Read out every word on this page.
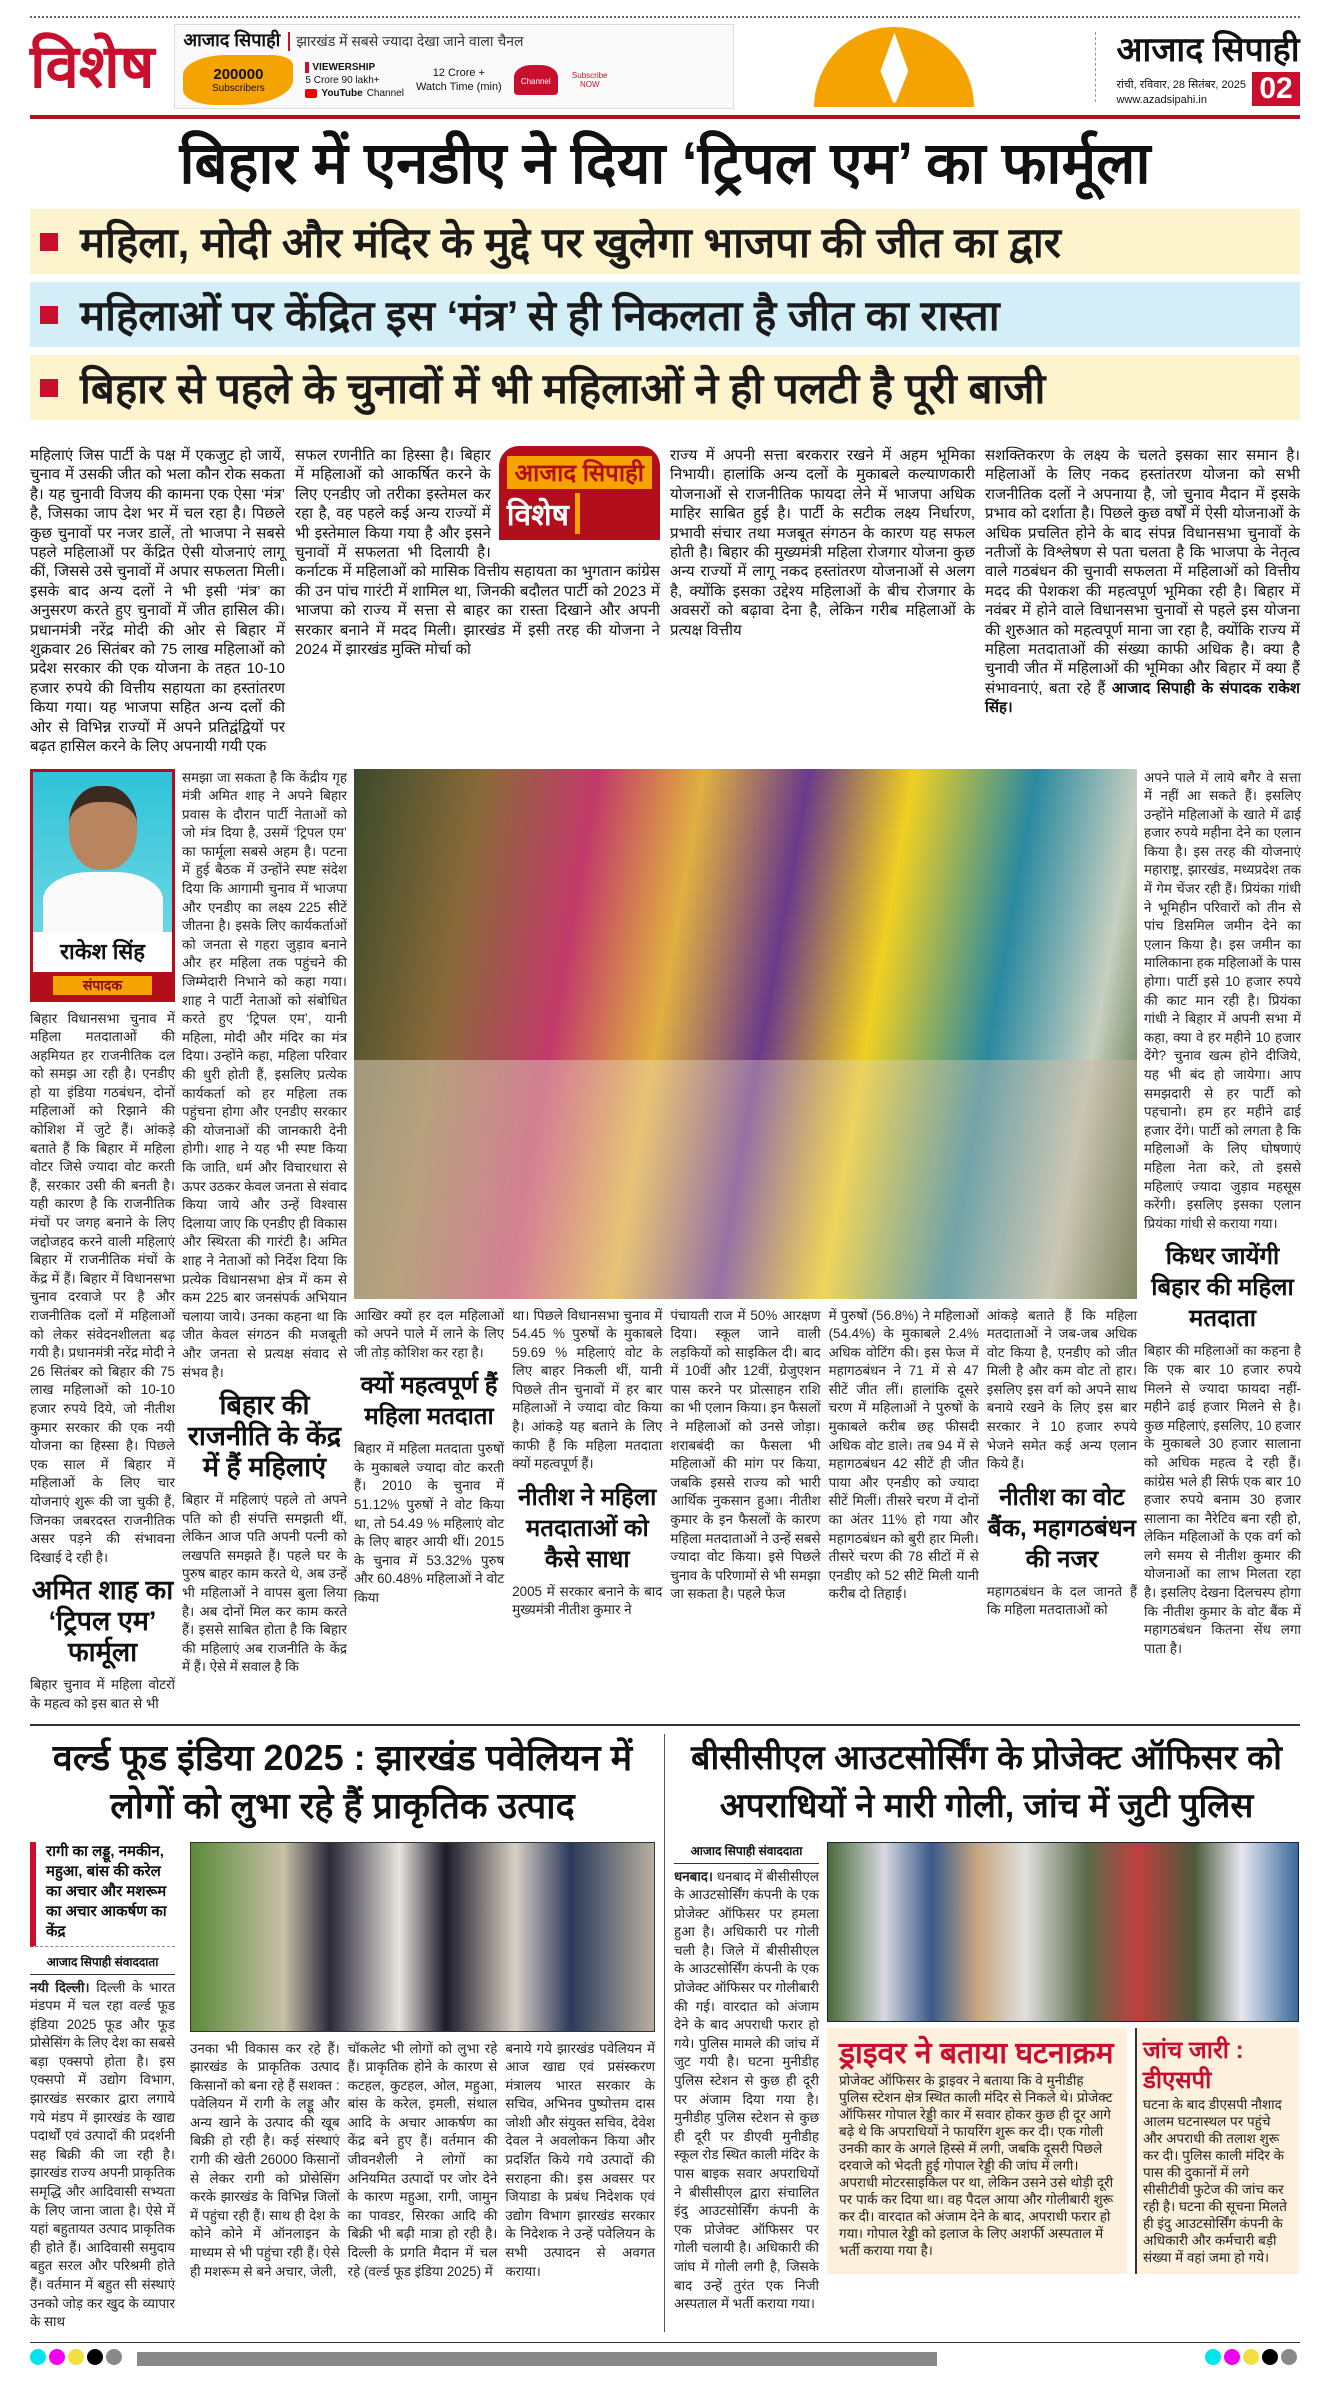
विशेष आजाद सिपाही	झारखंड में सबसे ज्यादा देखा जाने वाला चैनल
200000
Subscribers
VIEWERSHIP
5 Crore 90 lakh+
YouTube Channel
12 Crore +
Watch Time (min)	Channel
Subscribe NOW
आजाद सिपाही
रांची, रविवार, 28 सितंबर, 2025
www.azadsipahi.in	02
बिहार में एनडीए ने दिया ‘ट्रिपल एम’ का फार्मूला
महिला, मोदी और मंदिर के मुद्दे पर खुलेगा भाजपा की जीत का द्वार
महिलाओं पर केंद्रित इस ‘मंत्र’ से ही निकलता है जीत का रास्ता
बिहार से पहले के चुनावों में भी महिलाओं ने ही पलटी है पूरी बाजी

महिलाएं जिस पार्टी के पक्ष में एकजुट हो जायें, चुनाव में उसकी जीत को भला कौन रोक सकता है। यह चुनावी विजय की कामना एक ऐसा ‘मंत्र’ है, जिसका जाप देश भर में चल रहा है। पिछले कुछ चुनावों पर नजर डालें, तो भाजपा ने सबसे पहले महिलाओं पर केंद्रित ऐसी योजनाएं लागू कीं, जिससे उसे चुनावों में अपार सफलता मिली। इसके बाद अन्य दलों ने भी इसी ‘मंत्र’ का अनुसरण करते हुए चुनावों में जीत हासिल की। प्रधानमंत्री नरेंद्र मोदी की ओर से बिहार में शुक्रवार 26 सितंबर को 75 लाख महिलाओं को प्रदेश सरकार की एक योजना के तहत 10-10 हजार रुपये की वित्तीय सहायता का हस्तांतरण किया गया। यह भाजपा सहित अन्य दलों की ओर से विभिन्न राज्यों में अपने प्रतिद्वंद्वियों पर बढ़त हासिल करने के लिए अपनायी गयी एक

आजाद सिपाही
विशेष

सफल रणनीति का हिस्सा है। बिहार में महिलाओं को आकर्षित करने के लिए एनडीए जो तरीका इस्तेमल कर रहा है, वह पहले कई अन्य राज्यों में भी इस्तेमाल किया गया है और इसने चुनावों में सफलता भी दिलायी है। कर्नाटक में महिलाओं को मासिक वित्तीय सहायता का भुगतान कांग्रेस की उन पांच गारंटी में शामिल था, जिनकी बदौलत पार्टी को 2023 में भाजपा को राज्य में सत्ता से बाहर का रास्ता दिखाने और अपनी सरकार बनाने में मदद मिली। झारखंड में इसी तरह की योजना ने 2024 में झारखंड मुक्ति मोर्चा को

राज्य में अपनी सत्ता बरकरार रखने में अहम भूमिका निभायी। हालांकि अन्य दलों के मुकाबले कल्याणकारी योजनाओं से राजनीतिक फायदा लेने में भाजपा अधिक माहिर साबित हुई है। पार्टी के सटीक लक्ष्य निर्धारण, प्रभावी संचार तथा मजबूत संगठन के कारण यह सफल होती है। बिहार की मुख्यमंत्री महिला रोजगार योजना कुछ अन्य राज्यों में लागू नकद हस्तांतरण योजनाओं से अलग है, क्योंकि इसका उद्देश्य महिलाओं के बीच रोजगार के अवसरों को बढ़ावा देना है, लेकिन गरीब महिलाओं के प्रत्यक्ष वित्तीय

सशक्तिकरण के लक्ष्य के चलते इसका सार समान है। महिलाओं के लिए नकद हस्तांतरण योजना को सभी राजनीतिक दलों ने अपनाया है, जो चुनाव मैदान में इसके प्रभाव को दर्शाता है। पिछले कुछ वर्षों में ऐसी योजनाओं के अधिक प्रचलित होने के बाद संपन्न विधानसभा चुनावों के नतीजों के विश्लेषण से पता चलता है कि भाजपा के नेतृत्व वाले गठबंधन की चुनावी सफलता में महिलाओं को वित्तीय मदद की पेशकश की महत्वपूर्ण भूमिका रही है। बिहार में नवंबर में होने वाले विधानसभा चुनावों से पहले इस योजना की शुरुआत को महत्वपूर्ण माना जा रहा है, क्योंकि राज्य में महिला मतदाताओं की संख्या काफी अधिक है। क्या है चुनावी जीत में महिलाओं की भूमिका और बिहार में क्या हैं संभावनाएं, बता रहे हैं आजाद सिपाही के संपादक राकेश सिंह।

राकेश सिंह
संपादक

बिहार विधानसभा चुनाव में महिला मतदाताओं की अहमियत हर राजनीतिक दल को समझ आ रही है। एनडीए हो या इंडिया गठबंधन, दोनों महिलाओं को रिझाने की कोशिश में जुटे हैं। आंकड़े बताते हैं कि बिहार में महिला वोटर जिसे ज्यादा वोट करती हैं, सरकार उसी की बनती है। यही कारण है कि राजनीतिक मंचों पर जगह बनाने के लिए जद्दोजहद करने वाली महिलाएं बिहार में राजनीतिक मंचों के केंद्र में हैं। बिहार में विधानसभा चुनाव दरवाजे पर है और राजनीतिक दलों में महिलाओं को लेकर संवेदनशीलता बढ़ गयी है। प्रधानमंत्री नरेंद्र मोदी ने 26 सितंबर को बिहार की 75 लाख महिलाओं को 10-10 हजार रुपये दिये, जो नीतीश कुमार सरकार की एक नयी योजना का हिस्सा है। पिछले एक साल में बिहार में महिलाओं के लिए चार योजनाएं शुरू की जा चुकी हैं, जिनका जबरदस्त राजनीतिक असर पड़ने की संभावना दिखाई दे रही है।

अमित शाह का ‘ट्रिपल एम’ फार्मूला

बिहार चुनाव में महिला वोटरों के महत्व को इस बात से भी

समझा जा सकता है कि केंद्रीय गृह मंत्री अमित शाह ने अपने बिहार प्रवास के दौरान पार्टी नेताओं को जो मंत्र दिया है, उसमें ‘ट्रिपल एम’ का फार्मूला सबसे अहम है। पटना में हुई बैठक में उन्होंने स्पष्ट संदेश दिया कि आगामी चुनाव में भाजपा और एनडीए का लक्ष्य 225 सीटें जीतना है। इसके लिए कार्यकर्ताओं को जनता से गहरा जुड़ाव बनाने और हर महिला तक पहुंचने की जिम्मेदारी निभाने को कहा गया। शाह ने पार्टी नेताओं को संबोधित करते हुए ‘ट्रिपल एम’, यानी महिला, मोदी और मंदिर का मंत्र दिया। उन्होंने कहा, महिला परिवार की धुरी होती हैं, इसलिए प्रत्येक कार्यकर्ता को हर महिला तक पहुंचना होगा और एनडीए सरकार की योजनाओं की जानकारी देनी होगी। शाह ने यह भी स्पष्ट किया कि जाति, धर्म और विचारधारा से ऊपर उठकर केवल जनता से संवाद किया जाये और उन्हें विश्वास दिलाया जाए कि एनडीए ही विकास और स्थिरता की गारंटी है। अमित शाह ने नेताओं को निर्देश दिया कि प्रत्येक विधानसभा क्षेत्र में कम से कम 225 बार जनसंपर्क अभियान चलाया जाये। उनका कहना था कि जीत केवल संगठन की मजबूती और जनता से प्रत्यक्ष संवाद से संभव है।

बिहार की राजनीति के केंद्र में हैं महिलाएं

बिहार में महिलाएं पहले तो अपने पति को ही संपत्ति समझती थीं, लेकिन आज पति अपनी पत्नी को लखपति समझते हैं। पहले घर के पुरुष बाहर काम करते थे, अब उन्हें भी महिलाओं ने वापस बुला लिया है। अब दोनों मिल कर काम करते हैं। इससे साबित होता है कि बिहार की महिलाएं अब राजनीति के केंद्र में हैं। ऐसे में सवाल है कि

आखिर क्यों हर दल महिलाओं को अपने पाले में लाने के लिए जी तोड़ कोशिश कर रहा है।

क्यों महत्वपूर्ण हैं महिला मतदाता

बिहार में महिला मतदाता पुरुषों के मुकाबले ज्यादा वोट करती हैं। 2010 के चुनाव में 51.12% पुरुषों ने वोट किया था, तो 54.49 % महिलाएं वोट के लिए बाहर आयी थीं। 2015 के चुनाव में 53.32% पुरुष और 60.48% महिलाओं ने वोट किया

था। पिछले विधानसभा चुनाव में 54.45 % पुरुषों के मुकाबले 59.69 % महिलाएं वोट के लिए बाहर निकली थीं, यानी पिछले तीन चुनावों में हर बार महिलाओं ने ज्यादा वोट किया है। आंकड़े यह बताने के लिए काफी हैं कि महिला मतदाता क्यों महत्वपूर्ण हैं।

नीतीश ने महिला मतदाताओं को कैसे साधा

2005 में सरकार बनाने के बाद मुख्यमंत्री नीतीश कुमार ने

पंचायती राज में 50% आरक्षण दिया। स्कूल जाने वाली लड़कियों को साइकिल दी। बाद में 10वीं और 12वीं, ग्रेजुएशन पास करने पर प्रोत्साहन राशि का भी एलान किया। इन फैसलों ने महिलाओं को उनसे जोड़ा। शराबबंदी का फैसला भी महिलाओं की मांग पर किया, जबकि इससे राज्य को भारी आर्थिक नुकसान हुआ। नीतीश कुमार के इन फैसलों के कारण महिला मतदाताओं ने उन्हें सबसे ज्यादा वोट किया। इसे पिछले चुनाव के परिणामों से भी समझा जा सकता है। पहले फेज

में पुरुषों (56.8%) ने महिलाओं (54.4%) के मुकाबले 2.4% अधिक वोटिंग की। इस फेज में महागठबंधन ने 71 में से 47 सीटें जीत लीं। हालांकि दूसरे चरण में महिलाओं ने पुरुषों के मुकाबले करीब छह फीसदी अधिक वोट डाले। तब 94 में से महागठबंधन 42 सीटें ही जीत पाया और एनडीए को ज्यादा सीटें मिलीं। तीसरे चरण में दोनों का अंतर 11% हो गया और महागठबंधन को बुरी हार मिली। तीसरे चरण की 78 सीटों में से एनडीए को 52 सीटें मिली यानी करीब दो तिहाई।

आंकड़े बताते हैं कि महिला मतदाताओं ने जब-जब अधिक वोट किया है, एनडीए को जीत मिली है और कम वोट तो हार। इसलिए इस वर्ग को अपने साथ बनाये रखने के लिए इस बार सरकार ने 10 हजार रुपये भेजने समेत कई अन्य एलान किये हैं।

नीतीश का वोट बैंक, महागठबंधन की नजर

महागठबंधन के दल जानते हैं कि महिला मतदाताओं को

अपने पाले में लाये बगैर वे सत्ता में नहीं आ सकते हैं। इसलिए उन्होंने महिलाओं के खाते में ढाई हजार रुपये महीना देने का एलान किया है। इस तरह की योजनाएं महाराष्ट्र, झारखंड, मध्यप्रदेश तक में गेम चेंजर रही हैं। प्रियंका गांधी ने भूमिहीन परिवारों को तीन से पांच डिसमिल जमीन देने का एलान किया है। इस जमीन का मालिकाना हक महिलाओं के पास होगा। पार्टी इसे 10 हजार रुपये की काट मान रही है। प्रियंका गांधी ने बिहार में अपनी सभा में कहा, क्या वे हर महीने 10 हजार देंगे? चुनाव खत्म होने दीजिये, यह भी बंद हो जायेगा। आप समझदारी से हर पार्टी को पहचानो। हम हर महीने ढाई हजार देंगे। पार्टी को लगता है कि महिलाओं के लिए घोषणाएं महिला नेता करे, तो इससे महिलाएं ज्यादा जुड़ाव महसूस करेंगी। इसलिए इसका एलान प्रियंका गांधी से कराया गया।

किधर जायेंगी बिहार की महिला मतदाता

बिहार की महिलाओं का कहना है कि एक बार 10 हजार रुपये मिलने से ज्यादा फायदा नहीं-महीने ढाई हजार मिलने से है। कुछ महिलाएं, इसलिए, 10 हजार के मुकाबले 30 हजार सालाना को अधिक महत्व दे रही हैं। कांग्रेस भले ही सिर्फ एक बार 10 हजार रुपये बनाम 30 हजार सालाना का नैरेटिव बना रही हो, लेकिन महिलाओं के एक वर्ग को लगे समय से नीतीश कुमार की योजनाओं का लाभ मिलता रहा है। इसलिए देखना दिलचस्प होगा कि नीतीश कुमार के वोट बैंक में महागठबंधन कितना सेंध लगा पाता है।

वर्ल्ड फूड इंडिया 2025 : झारखंड पवेलियन में लोगों को लुभा रहे हैं प्राकृतिक उत्पाद
रागी का लड्डू, नमकीन, महुआ, बांस की करेल का अचार और मशरूम का अचार आकर्षण का केंद्र
आजाद सिपाही संवाददाता

नयी दिल्ली। दिल्ली के भारत मंडपम में चल रहा वर्ल्ड फूड इंडिया 2025 फूड और फूड प्रोसेसिंग के लिए देश का सबसे बड़ा एक्सपो होता है। इस एक्सपो में उद्योग विभाग, झारखंड सरकार द्वारा लगाये गये मंडप में झारखंड के खाद्य पदार्थों एवं उत्पादों की प्रदर्शनी सह बिक्री की जा रही है। झारखंड राज्य अपनी प्राकृतिक समृद्धि और आदिवासी सभ्यता के लिए जाना जाता है। ऐसे में यहां बहुतायत उत्पाद प्राकृतिक ही होते हैं। आदिवासी समुदाय बहुत सरल और परिश्रमी होते हैं। वर्तमान में बहुत सी संस्थाएं उनको जोड़ कर खुद के व्यापार के साथ

उनका भी विकास कर रहे हैं। झारखंड के प्राकृतिक उत्पाद किसानों को बना रहे हैं सशक्त : पवेलियन में रागी के लड्डू और अन्य खाने के उत्पाद की खूब बिक्री हो रही है। कई संस्थाएं रागी की खेती 26000 किसानों से लेकर रागी को प्रोसेसिंग करके झारखंड के विभिन्न जिलों में पहुंचा रही हैं। साथ ही देश के कोने कोने में ऑनलाइन के माध्यम से भी पहुंचा रही हैं। ऐसे ही मशरूम से बने अचार, जेली,

चॉकलेट भी लोगों को लुभा रहे हैं। प्राकृतिक होने के कारण से कटहल, कुटहल, ओल, महुआ, बांस के करेल, इमली, संथाल आदि के अचार आकर्षण का केंद्र बने हुए हैं। वर्तमान की जीवनशैली ने लोगों का अनियमित उत्पादों पर जोर देने के कारण महुआ, रागी, जामुन का पावडर, सिरका आदि की बिक्री भी बढ़ी मात्रा हो रही है। दिल्ली के प्रगति मैदान में चल रहे (वर्ल्ड फूड इंडिया 2025) में

बनाये गये झारखंड पवेलियन में आज खाद्य एवं प्रसंस्करण मंत्रालय भारत सरकार के सचिव, अभिनव पुष्पोत्तम दास जोशी और संयुक्त सचिव, देवेश देवल ने अवलोकन किया और प्रदर्शित किये गये उत्पादों की सराहना की। इस अवसर पर जियाडा के प्रबंध निदेशक एवं उद्योग विभाग झारखंड सरकार के निदेशक ने उन्हें पवेलियन के सभी उत्पादन से अवगत कराया।

बीसीसीएल आउटसोर्सिंग के प्रोजेक्ट ऑफिसर को अपराधियों ने मारी गोली, जांच में जुटी पुलिस
आजाद सिपाही संवाददाता

धनबाद। धनबाद में बीसीसीएल के आउटसोर्सिंग कंपनी के एक प्रोजेक्ट ऑफिसर पर हमला हुआ है। अधिकारी पर गोली चली है। जिले में बीसीसीएल के आउटसोर्सिंग कंपनी के एक प्रोजेक्ट ऑफिसर पर गोलीबारी की गई। वारदात को अंजाम देने के बाद अपराधी फरार हो गये। पुलिस मामले की जांच में जुट गयी है। घटना मुनीडीह पुलिस स्टेशन से कुछ ही दूरी पर अंजाम दिया गया है। मुनीडीह पुलिस स्टेशन से कुछ ही दूरी पर डीएवी मुनीडीह स्कूल रोड स्थित काली मंदिर के पास बाइक सवार अपराधियों ने बीसीसीएल द्वारा संचालित इंदु आउटसोर्सिंग कंपनी के एक प्रोजेक्ट ऑफिसर पर गोली चलायी है। अधिकारी की जांघ में गोली लगी है, जिसके बाद उन्हें तुरंत एक निजी अस्पताल में भर्ती कराया गया।

ड्राइवर ने बताया घटनाक्रम

प्रोजेक्ट ऑफिसर के ड्राइवर ने बताया कि वे मुनीडीह पुलिस स्टेशन क्षेत्र स्थित काली मंदिर से निकले थे। प्रोजेक्ट ऑफिसर गोपाल रेड्डी कार में सवार होकर कुछ ही दूर आगे बढ़े थे कि अपराधियों ने फायरिंग शुरू कर दी। एक गोली उनकी कार के अगले हिस्से में लगी, जबकि दूसरी पिछले दरवाजे को भेदती हुई गोपाल रेड्डी की जांघ में लगी। अपराधी मोटरसाइकिल पर था, लेकिन उसने उसे थोड़ी दूरी पर पार्क कर दिया था। वह पैदल आया और गोलीबारी शुरू कर दी। वारदात को अंजाम देने के बाद, अपराधी फरार हो गया। गोपाल रेड्डी को इलाज के लिए अशर्फी अस्पताल में भर्ती कराया गया है।

जांच जारी : डीएसपी

घटना के बाद डीएसपी नौशाद आलम घटनास्थल पर पहुंचे और अपराधी की तलाश शुरू कर दी। पुलिस काली मंदिर के पास की दुकानों में लगे सीसीटीवी फुटेज की जांच कर रही है। घटना की सूचना मिलते ही इंदु आउटसोर्सिंग कंपनी के अधिकारी और कर्मचारी बड़ी संख्या में वहां जमा हो गये।
